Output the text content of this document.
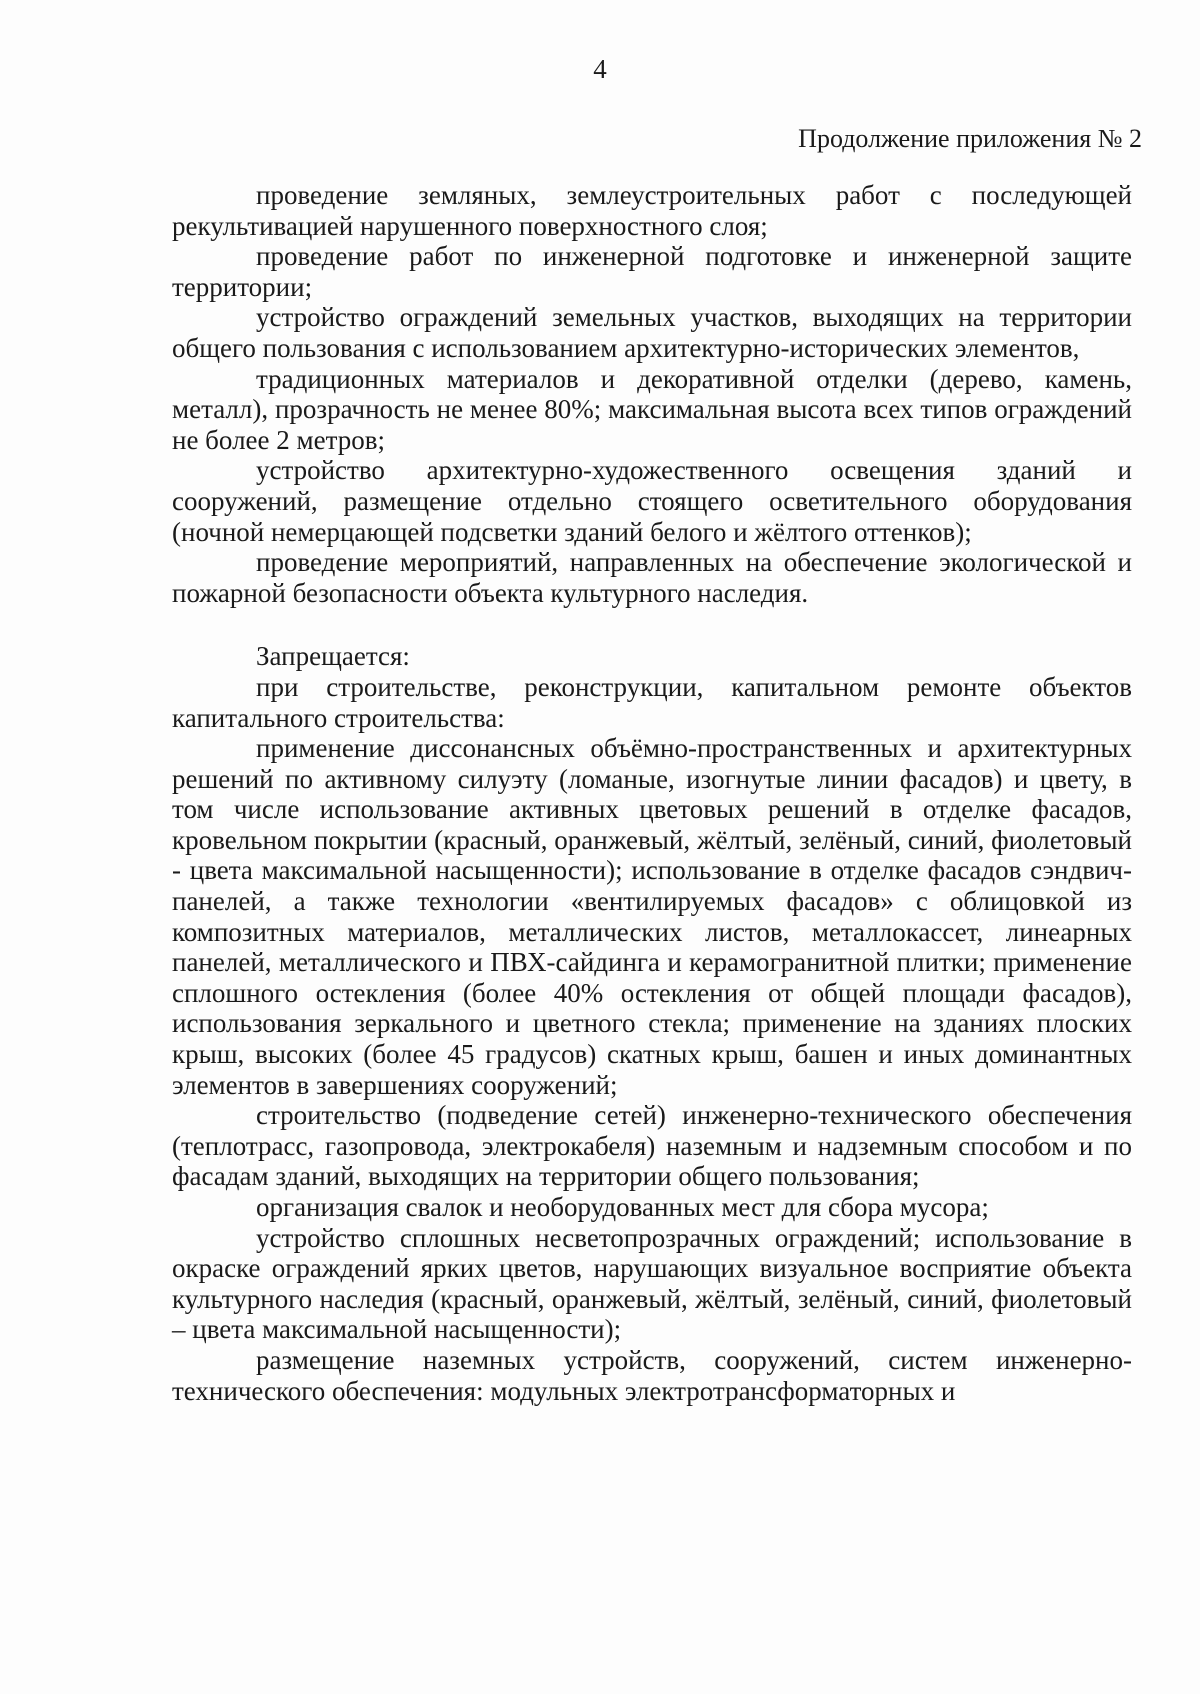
4
Продолжение приложения № 2

проведение земляных, землеустроительных работ с последующей рекультивацией нарушенного поверхностного слоя;

проведение работ по инженерной подготовке и инженерной защите территории;

устройство ограждений земельных участков, выходящих на территории общего пользования с использованием архитектурно-исторических элементов,

традиционных материалов и декоративной отделки (дерево, камень, металл), прозрачность не менее 80%; максимальная высота всех типов ограждений не более 2 метров;

устройство архитектурно-художественного освещения зданий и сооружений, размещение отдельно стоящего осветительного оборудования (ночной немерцающей подсветки зданий белого и жёлтого оттенков);

проведение мероприятий, направленных на обеспечение экологической и пожарной безопасности объекта культурного наследия.

Запрещается:

при строительстве, реконструкции, капитальном ремонте объектов капитального строительства:

применение диссонансных объёмно-пространственных и архитектурных решений по активному силуэту (ломаные, изогнутые линии фасадов) и цвету, в том числе использование активных цветовых решений в отделке фасадов, кровельном покрытии (красный, оранжевый, жёлтый, зелёный, синий, фиолетовый - цвета максимальной насыщенности); использование в отделке фасадов сэндвич-панелей, а также технологии «вентилируемых фасадов» с облицовкой из композитных материалов, металлических листов, металлокассет, линеарных панелей, металлического и ПВХ-сайдинга и керамогранитной плитки; применение сплошного остекления (более 40% остекления от общей площади фасадов), использования зеркального и цветного стекла; применение на зданиях плоских крыш, высоких (более 45 градусов) скатных крыш, башен и иных доминантных элементов в завершениях сооружений;

строительство (подведение сетей) инженерно-технического обеспечения (теплотрасс, газопровода, электрокабеля) наземным и надземным способом и по фасадам зданий, выходящих на территории общего пользования;

организация свалок и необорудованных мест для сбора мусора;

устройство сплошных несветопрозрачных ограждений; использование в окраске ограждений ярких цветов, нарушающих визуальное восприятие объекта культурного наследия (красный, оранжевый, жёлтый, зелёный, синий, фиолетовый – цвета максимальной насыщенности);

размещение наземных устройств, сооружений, систем инженерно-технического обеспечения: модульных электротрансформаторных и
